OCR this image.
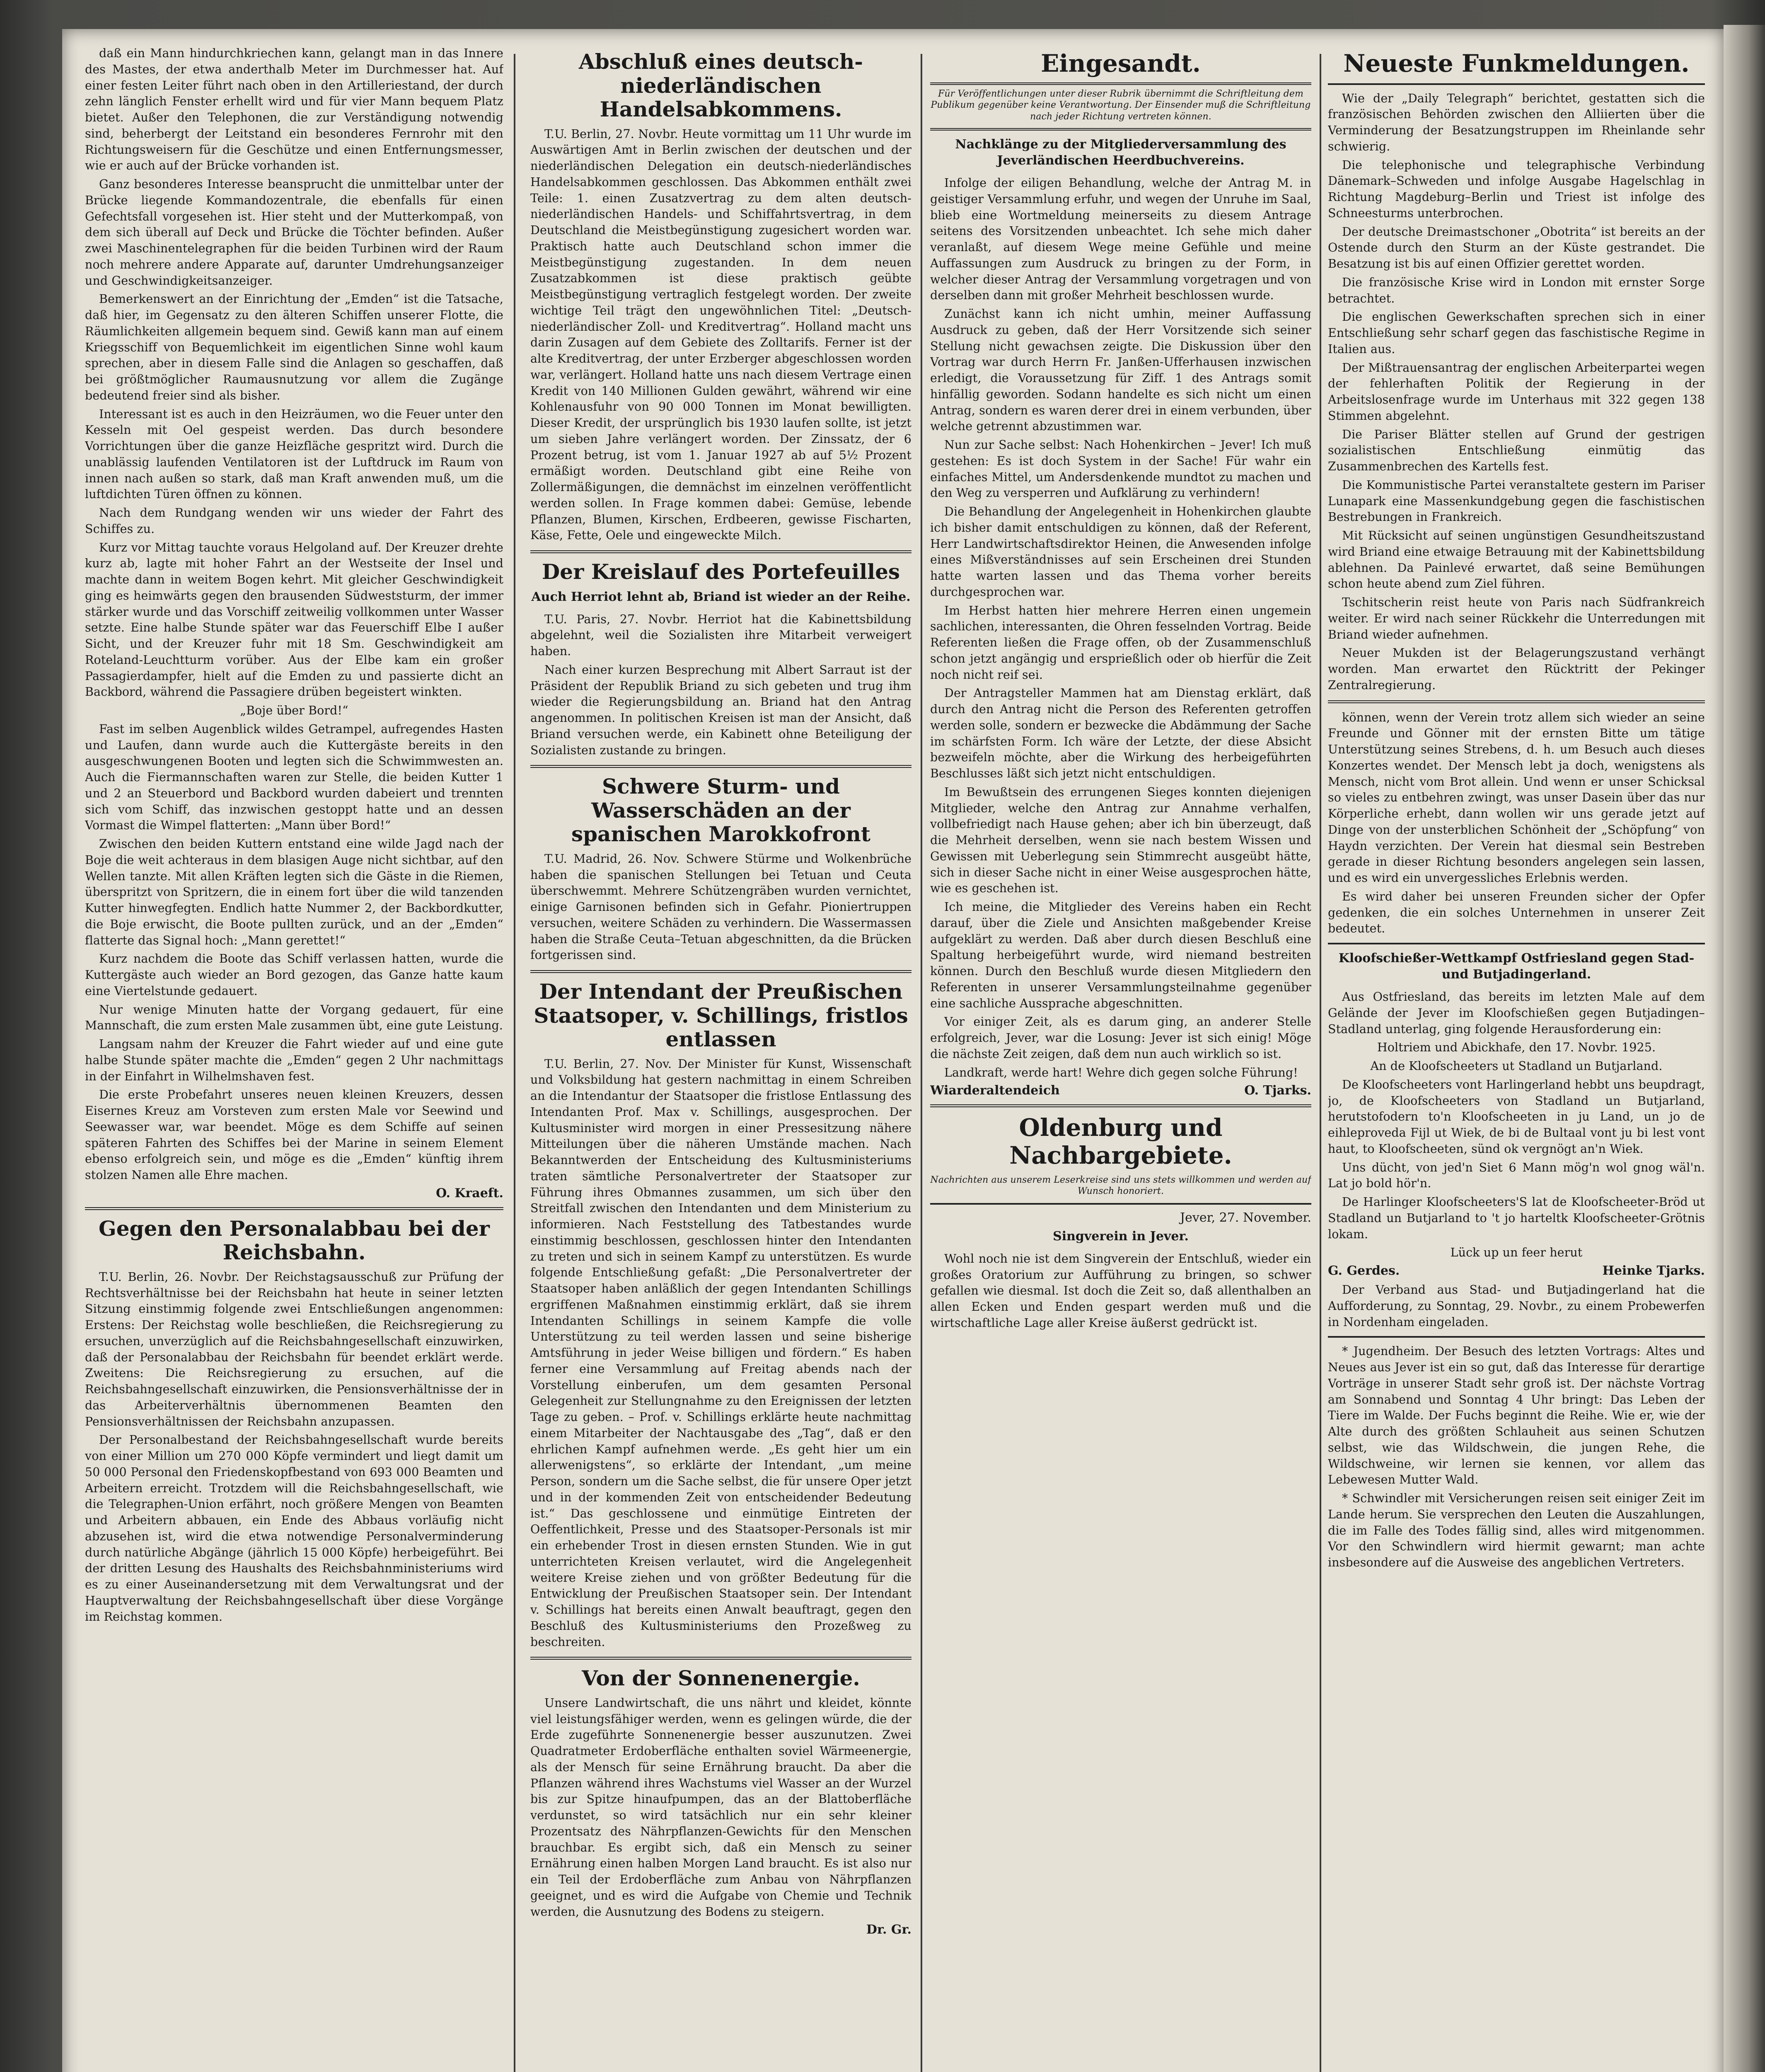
daß ein Mann hindurchkriechen kann, gelangt man in das Innere des Mastes, der etwa anderthalb Meter im Durchmesser hat. Auf einer festen Leiter führt nach oben in den Artilleriestand, der durch zehn länglich Fenster erhellt wird und für vier Mann bequem Platz bietet. Außer den Telephonen, die zur Verständigung notwendig sind, beherbergt der Leitstand ein besonderes Fernrohr mit den Richtungsweisern für die Geschütze und einen Entfernungsmesser, wie er auch auf der Brücke vorhanden ist.

Ganz besonderes Interesse beansprucht die unmittelbar unter der Brücke liegende Kommandozentrale, die ebenfalls für einen Gefechtsfall vorgesehen ist. Hier steht und der Mutterkompaß, von dem sich überall auf Deck und Brücke die Töchter befinden. Außer zwei Maschinentelegraphen für die beiden Turbinen wird der Raum noch mehrere andere Apparate auf, darunter Umdrehungsanzeiger und Geschwindigkeitsanzeiger.

Bemerkenswert an der Einrichtung der „Emden“ ist die Tatsache, daß hier, im Gegensatz zu den älteren Schiffen unserer Flotte, die Räumlichkeiten allgemein bequem sind. Gewiß kann man auf einem Kriegsschiff von Bequemlichkeit im eigentlichen Sinne wohl kaum sprechen, aber in diesem Falle sind die Anlagen so geschaffen, daß bei größtmöglicher Raumausnutzung vor allem die Zugänge bedeutend freier sind als bisher.

Interessant ist es auch in den Heizräumen, wo die Feuer unter den Kesseln mit Oel gespeist werden. Das durch besondere Vorrichtungen über die ganze Heizfläche gespritzt wird. Durch die unablässig laufenden Ventilatoren ist der Luftdruck im Raum von innen nach außen so stark, daß man Kraft anwenden muß, um die luftdichten Türen öffnen zu können.

Nach dem Rundgang wenden wir uns wieder der Fahrt des Schiffes zu.

Kurz vor Mittag tauchte voraus Helgoland auf. Der Kreuzer drehte kurz ab, lagte mit hoher Fahrt an der Westseite der Insel und machte dann in weitem Bogen kehrt. Mit gleicher Geschwindigkeit ging es heimwärts gegen den brausenden Südweststurm, der immer stärker wurde und das Vorschiff zeitweilig vollkommen unter Wasser setzte. Eine halbe Stunde später war das Feuerschiff Elbe I außer Sicht, und der Kreuzer fuhr mit 18 Sm. Geschwindigkeit am Roteland-Leuchtturm vorüber. Aus der Elbe kam ein großer Passagierdampfer, hielt auf die Emden zu und passierte dicht an Backbord, während die Passagiere drüben begeistert winkten.

„Boje über Bord!“

Fast im selben Augenblick wildes Getrampel, aufregendes Hasten und Laufen, dann wurde auch die Kuttergäste bereits in den ausgeschwungenen Booten und legten sich die Schwimmwesten an. Auch die Fiermannschaften waren zur Stelle, die beiden Kutter 1 und 2 an Steuerbord und Backbord wurden dabeiert und trennten sich vom Schiff, das inzwischen gestoppt hatte und an dessen Vormast die Wimpel flatterten: „Mann über Bord!“

Zwischen den beiden Kuttern entstand eine wilde Jagd nach der Boje die weit achteraus in dem blasigen Auge nicht sichtbar, auf den Wellen tanzte. Mit allen Kräften legten sich die Gäste in die Riemen, überspritzt von Spritzern, die in einem fort über die wild tanzenden Kutter hinwegfegten. Endlich hatte Nummer 2, der Backbordkutter, die Boje erwischt, die Boote pullten zurück, und an der „Emden“ flatterte das Signal hoch: „Mann gerettet!“

Kurz nachdem die Boote das Schiff verlassen hatten, wurde die Kuttergäste auch wieder an Bord gezogen, das Ganze hatte kaum eine Viertelstunde gedauert.

Nur wenige Minuten hatte der Vorgang gedauert, für eine Mannschaft, die zum ersten Male zusammen übt, eine gute Leistung.

Langsam nahm der Kreuzer die Fahrt wieder auf und eine gute halbe Stunde später machte die „Emden“ gegen 2 Uhr nachmittags in der Einfahrt in Wilhelmshaven fest.

Die erste Probefahrt unseres neuen kleinen Kreuzers, dessen Eisernes Kreuz am Vorsteven zum ersten Male vor Seewind und Seewasser war, war beendet. Möge es dem Schiffe auf seinen späteren Fahrten des Schiffes bei der Marine in seinem Element ebenso erfolgreich sein, und möge es die „Emden“ künftig ihrem stolzen Namen alle Ehre machen.

O. Kraeft.
Gegen den Personalabbau bei der Reichsbahn.

T.U. Berlin, 26. Novbr. Der Reichstagsausschuß zur Prüfung der Rechtsverhältnisse bei der Reichsbahn hat heute in seiner letzten Sitzung einstimmig folgende zwei Entschließungen angenommen: Erstens: Der Reichstag wolle beschließen, die Reichsregierung zu ersuchen, unverzüglich auf die Reichsbahngesellschaft einzuwirken, daß der Personalabbau der Reichsbahn für beendet erklärt werde. Zweitens: Die Reichsregierung zu ersuchen, auf die Reichsbahngesellschaft einzuwirken, die Pensionsverhältnisse der in das Arbeiterverhältnis übernommenen Beamten den Pensionsverhältnissen der Reichsbahn anzupassen.

Der Personalbestand der Reichsbahngesellschaft wurde bereits von einer Million um 270 000 Köpfe vermindert und liegt damit um 50 000 Personal den Friedenskopfbestand von 693 000 Beamten und Arbeitern erreicht. Trotzdem will die Reichsbahngesellschaft, wie die Telegraphen-Union erfährt, noch größere Mengen von Beamten und Arbeitern abbauen, ein Ende des Abbaus vorläufig nicht abzusehen ist, wird die etwa notwendige Personalverminderung durch natürliche Abgänge (jährlich 15 000 Köpfe) herbeigeführt. Bei der dritten Lesung des Haushalts des Reichsbahnministeriums wird es zu einer Auseinandersetzung mit dem Verwaltungsrat und der Hauptverwaltung der Reichsbahngesellschaft über diese Vorgänge im Reichstag kommen.

Abschluß eines deutsch-niederländischen Handelsabkommens.

T.U. Berlin, 27. Novbr. Heute vormittag um 11 Uhr wurde im Auswärtigen Amt in Berlin zwischen der deutschen und der niederländischen Delegation ein deutsch-niederländisches Handelsabkommen geschlossen. Das Abkommen enthält zwei Teile: 1. einen Zusatzvertrag zu dem alten deutsch-niederländischen Handels- und Schiffahrtsvertrag, in dem Deutschland die Meistbegünstigung zugesichert worden war. Praktisch hatte auch Deutschland schon immer die Meistbegünstigung zugestanden. In dem neuen Zusatzabkommen ist diese praktisch geübte Meistbegünstigung vertraglich festgelegt worden. Der zweite wichtige Teil trägt den ungewöhnlichen Titel: „Deutsch-niederländischer Zoll- und Kreditvertrag“. Holland macht uns darin Zusagen auf dem Gebiete des Zolltarifs. Ferner ist der alte Kreditvertrag, der unter Erzberger abgeschlossen worden war, verlängert. Holland hatte uns nach diesem Vertrage einen Kredit von 140 Millionen Gulden gewährt, während wir eine Kohlenausfuhr von 90 000 Tonnen im Monat bewilligten. Dieser Kredit, der ursprünglich bis 1930 laufen sollte, ist jetzt um sieben Jahre verlängert worden. Der Zinssatz, der 6 Prozent betrug, ist vom 1. Januar 1927 ab auf 5½ Prozent ermäßigt worden. Deutschland gibt eine Reihe von Zollermäßigungen, die demnächst im einzelnen veröffentlicht werden sollen. In Frage kommen dabei: Gemüse, lebende Pflanzen, Blumen, Kirschen, Erdbeeren, gewisse Fischarten, Käse, Fette, Oele und eingeweckte Milch.

Der Kreislauf des Portefeuilles
Auch Herriot lehnt ab, Briand ist wieder an der Reihe.

T.U. Paris, 27. Novbr. Herriot hat die Kabinettsbildung abgelehnt, weil die Sozialisten ihre Mitarbeit verweigert haben.

Nach einer kurzen Besprechung mit Albert Sarraut ist der Präsident der Republik Briand zu sich gebeten und trug ihm wieder die Regierungsbildung an. Briand hat den Antrag angenommen. In politischen Kreisen ist man der Ansicht, daß Briand versuchen werde, ein Kabinett ohne Beteiligung der Sozialisten zustande zu bringen.

Schwere Sturm- und Wasserschäden an der spanischen Marokkofront

T.U. Madrid, 26. Nov. Schwere Stürme und Wolkenbrüche haben die spanischen Stellungen bei Tetuan und Ceuta überschwemmt. Mehrere Schützengräben wurden vernichtet, einige Garnisonen befinden sich in Gefahr. Pioniertruppen versuchen, weitere Schäden zu verhindern. Die Wassermassen haben die Straße Ceuta–Tetuan abgeschnitten, da die Brücken fortgerissen sind.

Der Intendant der Preußischen Staatsoper, v. Schillings, fristlos entlassen

T.U. Berlin, 27. Nov. Der Minister für Kunst, Wissenschaft und Volksbildung hat gestern nachmittag in einem Schreiben an die Intendantur der Staatsoper die fristlose Entlassung des Intendanten Prof. Max v. Schillings, ausgesprochen. Der Kultusminister wird morgen in einer Pressesitzung nähere Mitteilungen über die näheren Umstände machen. Nach Bekanntwerden der Entscheidung des Kultusministeriums traten sämtliche Personalvertreter der Staatsoper zur Führung ihres Obmannes zusammen, um sich über den Streitfall zwischen den Intendanten und dem Ministerium zu informieren. Nach Feststellung des Tatbestandes wurde einstimmig beschlossen, geschlossen hinter den Intendanten zu treten und sich in seinem Kampf zu unterstützen. Es wurde folgende Entschließung gefaßt: „Die Personalvertreter der Staatsoper haben anläßlich der gegen Intendanten Schillings ergriffenen Maßnahmen einstimmig erklärt, daß sie ihrem Intendanten Schillings in seinem Kampfe die volle Unterstützung zu teil werden lassen und seine bisherige Amtsführung in jeder Weise billigen und fördern.“ Es haben ferner eine Versammlung auf Freitag abends nach der Vorstellung einberufen, um dem gesamten Personal Gelegenheit zur Stellungnahme zu den Ereignissen der letzten Tage zu geben. – Prof. v. Schillings erklärte heute nachmittag einem Mitarbeiter der Nachtausgabe des „Tag“, daß er den ehrlichen Kampf aufnehmen werde. „Es geht hier um ein allerwenigstens“, so erklärte der Intendant, „um meine Person, sondern um die Sache selbst, die für unsere Oper jetzt und in der kommenden Zeit von entscheidender Bedeutung ist.“ Das geschlossene und einmütige Eintreten der Oeffentlichkeit, Presse und des Staatsoper-Personals ist mir ein erhebender Trost in diesen ernsten Stunden. Wie in gut unterrichteten Kreisen verlautet, wird die Angelegenheit weitere Kreise ziehen und von größter Bedeutung für die Entwicklung der Preußischen Staatsoper sein. Der Intendant v. Schillings hat bereits einen Anwalt beauftragt, gegen den Beschluß des Kultusministeriums den Prozeßweg zu beschreiten.

Von der Sonnenenergie.

Unsere Landwirtschaft, die uns nährt und kleidet, könnte viel leistungsfähiger werden, wenn es gelingen würde, die der Erde zugeführte Sonnenenergie besser auszunutzen. Zwei Quadratmeter Erdoberfläche enthalten soviel Wärmeenergie, als der Mensch für seine Ernährung braucht. Da aber die Pflanzen während ihres Wachstums viel Wasser an der Wurzel bis zur Spitze hinaufpumpen, das an der Blattoberfläche verdunstet, so wird tatsächlich nur ein sehr kleiner Prozentsatz des Nährpflanzen-Gewichts für den Menschen brauchbar. Es ergibt sich, daß ein Mensch zu seiner Ernährung einen halben Morgen Land braucht. Es ist also nur ein Teil der Erdoberfläche zum Anbau von Nährpflanzen geeignet, und es wird die Aufgabe von Chemie und Technik werden, die Ausnutzung des Bodens zu steigern.

Dr. Gr.
Eingesandt.

Für Veröffentlichungen unter dieser Rubrik übernimmt die Schriftleitung dem Publikum gegenüber keine Verantwortung. Der Einsender muß die Schriftleitung nach jeder Richtung vertreten können.

Nachklänge zu der Mitgliederversammlung des Jeverländischen Heerdbuchvereins.

Infolge der eiligen Behandlung, welche der Antrag M. in geistiger Versammlung erfuhr, und wegen der Unruhe im Saal, blieb eine Wortmeldung meinerseits zu diesem Antrage seitens des Vorsitzenden unbeachtet. Ich sehe mich daher veranlaßt, auf diesem Wege meine Gefühle und meine Auffassungen zum Ausdruck zu bringen zu der Form, in welcher dieser Antrag der Versammlung vorgetragen und von derselben dann mit großer Mehrheit beschlossen wurde.

Zunächst kann ich nicht umhin, meiner Auffassung Ausdruck zu geben, daß der Herr Vorsitzende sich seiner Stellung nicht gewachsen zeigte. Die Diskussion über den Vortrag war durch Herrn Fr. Janßen-Ufferhausen inzwischen erledigt, die Voraussetzung für Ziff. 1 des Antrags somit hinfällig geworden. Sodann handelte es sich nicht um einen Antrag, sondern es waren derer drei in einem verbunden, über welche getrennt abzustimmen war.

Nun zur Sache selbst: Nach Hohenkirchen – Jever! Ich muß gestehen: Es ist doch System in der Sache! Für wahr ein einfaches Mittel, um Andersdenkende mundtot zu machen und den Weg zu versperren und Aufklärung zu verhindern!

Die Behandlung der Angelegenheit in Hohenkirchen glaubte ich bisher damit entschuldigen zu können, daß der Referent, Herr Landwirtschaftsdirektor Heinen, die Anwesenden infolge eines Mißverständnisses auf sein Erscheinen drei Stunden hatte warten lassen und das Thema vorher bereits durchgesprochen war.

Im Herbst hatten hier mehrere Herren einen ungemein sachlichen, interessanten, die Ohren fesselnden Vortrag. Beide Referenten ließen die Frage offen, ob der Zusammenschluß schon jetzt angängig und ersprießlich oder ob hierfür die Zeit noch nicht reif sei.

Der Antragsteller Mammen hat am Dienstag erklärt, daß durch den Antrag nicht die Person des Referenten getroffen werden solle, sondern er bezwecke die Abdämmung der Sache im schärfsten Form. Ich wäre der Letzte, der diese Absicht bezweifeln möchte, aber die Wirkung des herbeigeführten Beschlusses läßt sich jetzt nicht entschuldigen.

Im Bewußtsein des errungenen Sieges konnten diejenigen Mitglieder, welche den Antrag zur Annahme verhalfen, vollbefriedigt nach Hause gehen; aber ich bin überzeugt, daß die Mehrheit derselben, wenn sie nach bestem Wissen und Gewissen mit Ueberlegung sein Stimmrecht ausgeübt hätte, sich in dieser Sache nicht in einer Weise ausgesprochen hätte, wie es geschehen ist.

Ich meine, die Mitglieder des Vereins haben ein Recht darauf, über die Ziele und Ansichten maßgebender Kreise aufgeklärt zu werden. Daß aber durch diesen Beschluß eine Spaltung herbeigeführt wurde, wird niemand bestreiten können. Durch den Beschluß wurde diesen Mitgliedern den Referenten in unserer Versammlungsteilnahme gegenüber eine sachliche Aussprache abgeschnitten.

Vor einiger Zeit, als es darum ging, an anderer Stelle erfolgreich, Jever, war die Losung: Jever ist sich einig! Möge die nächste Zeit zeigen, daß dem nun auch wirklich so ist.

Landkraft, werde hart! Wehre dich gegen solche Führung!

Wiarderaltendeich	O. Tjarks.
Oldenburg und Nachbargebiete.

Nachrichten aus unserem Leserkreise sind uns stets willkommen und werden auf Wunsch honoriert.

Jever, 27. November.
Singverein in Jever.

Wohl noch nie ist dem Singverein der Entschluß, wieder ein großes Oratorium zur Aufführung zu bringen, so schwer gefallen wie diesmal. Ist doch die Zeit so, daß allenthalben an allen Ecken und Enden gespart werden muß und die wirtschaftliche Lage aller Kreise äußerst gedrückt ist.

Neueste Funkmeldungen.

Wie der „Daily Telegraph“ berichtet, gestatten sich die französischen Behörden zwischen den Alliierten über die Verminderung der Besatzungstruppen im Rheinlande sehr schwierig.

Die telephonische und telegraphische Verbindung Dänemark–Schweden und infolge Ausgabe Hagelschlag in Richtung Magdeburg–Berlin und Triest ist infolge des Schneesturms unterbrochen.

Der deutsche Dreimastschoner „Obotrita“ ist bereits an der Ostende durch den Sturm an der Küste gestrandet. Die Besatzung ist bis auf einen Offizier gerettet worden.

Die französische Krise wird in London mit ernster Sorge betrachtet.

Die englischen Gewerkschaften sprechen sich in einer Entschließung sehr scharf gegen das faschistische Regime in Italien aus.

Der Mißtrauensantrag der englischen Arbeiterpartei wegen der fehlerhaften Politik der Regierung in der Arbeitslosenfrage wurde im Unterhaus mit 322 gegen 138 Stimmen abgelehnt.

Die Pariser Blätter stellen auf Grund der gestrigen sozialistischen Entschließung einmütig das Zusammenbrechen des Kartells fest.

Die Kommunistische Partei veranstaltete gestern im Pariser Lunapark eine Massenkundgebung gegen die faschistischen Bestrebungen in Frankreich.

Mit Rücksicht auf seinen ungünstigen Gesundheitszustand wird Briand eine etwaige Betrauung mit der Kabinettsbildung ablehnen. Da Painlevé erwartet, daß seine Bemühungen schon heute abend zum Ziel führen.

Tschitscherin reist heute von Paris nach Südfrankreich weiter. Er wird nach seiner Rückkehr die Unterredungen mit Briand wieder aufnehmen.

Neuer Mukden ist der Belagerungszustand verhängt worden. Man erwartet den Rücktritt der Pekinger Zentralregierung.

können, wenn der Verein trotz allem sich wieder an seine Freunde und Gönner mit der ernsten Bitte um tätige Unterstützung seines Strebens, d. h. um Besuch auch dieses Konzertes wendet. Der Mensch lebt ja doch, wenigstens als Mensch, nicht vom Brot allein. Und wenn er unser Schicksal so vieles zu entbehren zwingt, was unser Dasein über das nur Körperliche erhebt, dann wollen wir uns gerade jetzt auf Dinge von der unsterblichen Schönheit der „Schöpfung“ von Haydn verzichten. Der Verein hat diesmal sein Bestreben gerade in dieser Richtung besonders angelegen sein lassen, und es wird ein unvergessliches Erlebnis werden.

Es wird daher bei unseren Freunden sicher der Opfer gedenken, die ein solches Unternehmen in unserer Zeit bedeutet.

Kloofschießer-Wettkampf Ostfriesland gegen Stad- und Butjadingerland.

Aus Ostfriesland, das bereits im letzten Male auf dem Gelände der Jever im Kloofschießen gegen Butjadingen–Stadland unterlag, ging folgende Herausforderung ein:

Holtriem und Abickhafe, den 17. Novbr. 1925.

An de Kloofscheeters ut Stadland un Butjarland.

De Kloofscheeters vont Harlingerland hebbt uns beupdragt, jo, de Kloofscheeters von Stadland un Butjarland, herutstofodern to'n Kloofscheeten in ju Land, un jo de eihleproveda Fijl ut Wiek, de bi de Bultaal vont ju bi lest vont haut, to Kloofscheeten, sünd ok vergnögt an'n Wiek.

Uns dücht, von jed'n Siet 6 Mann mög'n wol gnog wäl'n. Lat jo bold hör'n.

De Harlinger Kloofscheeters'S lat de Kloofscheeter-Bröd ut Stadland un Butjarland to 't jo harteltk Kloofscheeter-Grötnis lokam.

Lück up un feer herut

G. Gerdes.	Heinke Tjarks.

Der Verband aus Stad- und Butjadingerland hat die Aufforderung, zu Sonntag, 29. Novbr., zu einem Probewerfen in Nordenham eingeladen.

* Jugendheim. Der Besuch des letzten Vortrags: Altes und Neues aus Jever ist ein so gut, daß das Interesse für derartige Vorträge in unserer Stadt sehr groß ist. Der nächste Vortrag am Sonnabend und Sonntag 4 Uhr bringt: Das Leben der Tiere im Walde. Der Fuchs beginnt die Reihe. Wie er, wie der Alte durch des größten Schlauheit aus seinen Schutzen selbst, wie das Wildschwein, die jungen Rehe, die Wildschweine, wir lernen sie kennen, vor allem das Lebewesen Mutter Wald.

* Schwindler mit Versicherungen reisen seit einiger Zeit im Lande herum. Sie versprechen den Leuten die Auszahlungen, die im Falle des Todes fällig sind, alles wird mitgenommen. Vor den Schwindlern wird hiermit gewarnt; man achte insbesondere auf die Ausweise des angeblichen Vertreters.
